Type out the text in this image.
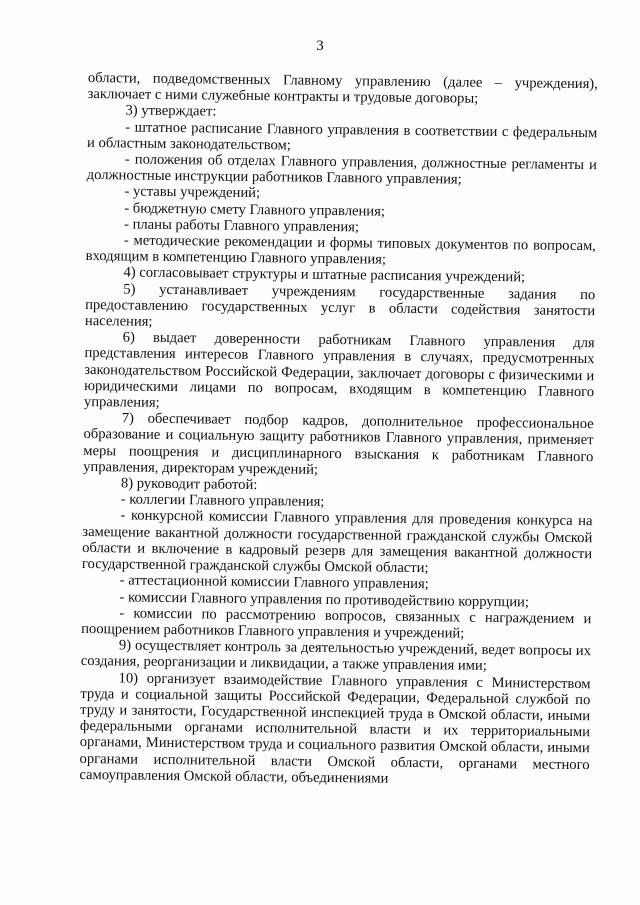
3

области, подведомственных Главному управлению (далее – учреждения), заключает с ними служебные контракты и трудовые договоры;

3) утверждает:

- штатное расписание Главного управления в соответствии с федеральным и областным законодательством;

- положения об отделах Главного управления, должностные регламенты и должностные инструкции работников Главного управления;

- уставы учреждений;

- бюджетную смету Главного управления;

- планы работы Главного управления;

- методические рекомендации и формы типовых документов по вопросам, входящим в компетенцию Главного управления;

4) согласовывает структуры и штатные расписания учреждений;

5) устанавливает учреждениям государственные задания по предоставлению государственных услуг в области содействия занятости населения;

6) выдает доверенности работникам Главного управления для представления интересов Главного управления в случаях, предусмотренных законодательством Российской Федерации, заключает договоры с физическими и юридическими лицами по вопросам, входящим в компетенцию Главного управления;

7) обеспечивает подбор кадров, дополнительное профессиональное образование и социальную защиту работников Главного управления, применяет меры поощрения и дисциплинарного взыскания к работникам Главного управления, директорам учреждений;

8) руководит работой:

- коллегии Главного управления;

- конкурсной комиссии Главного управления для проведения конкурса на замещение вакантной должности государственной гражданской службы Омской области и включение в кадровый резерв для замещения вакантной должности государственной гражданской службы Омской области;

- аттестационной комиссии Главного управления;

- комиссии Главного управления по противодействию коррупции;

- комиссии по рассмотрению вопросов, связанных с награждением и поощрением работников Главного управления и учреждений;

9) осуществляет контроль за деятельностью учреждений, ведет вопросы их создания, реорганизации и ликвидации, а также управления ими;

10) организует взаимодействие Главного управления с Министерством труда и социальной защиты Российской Федерации, Федеральной службой по труду и занятости, Государственной инспекцией труда в Омской области, иными федеральными органами исполнительной власти и их территориальными органами, Министерством труда и социального развития Омской области, иными органами исполнительной власти Омской области, органами местного самоуправления Омской области, объединениями
